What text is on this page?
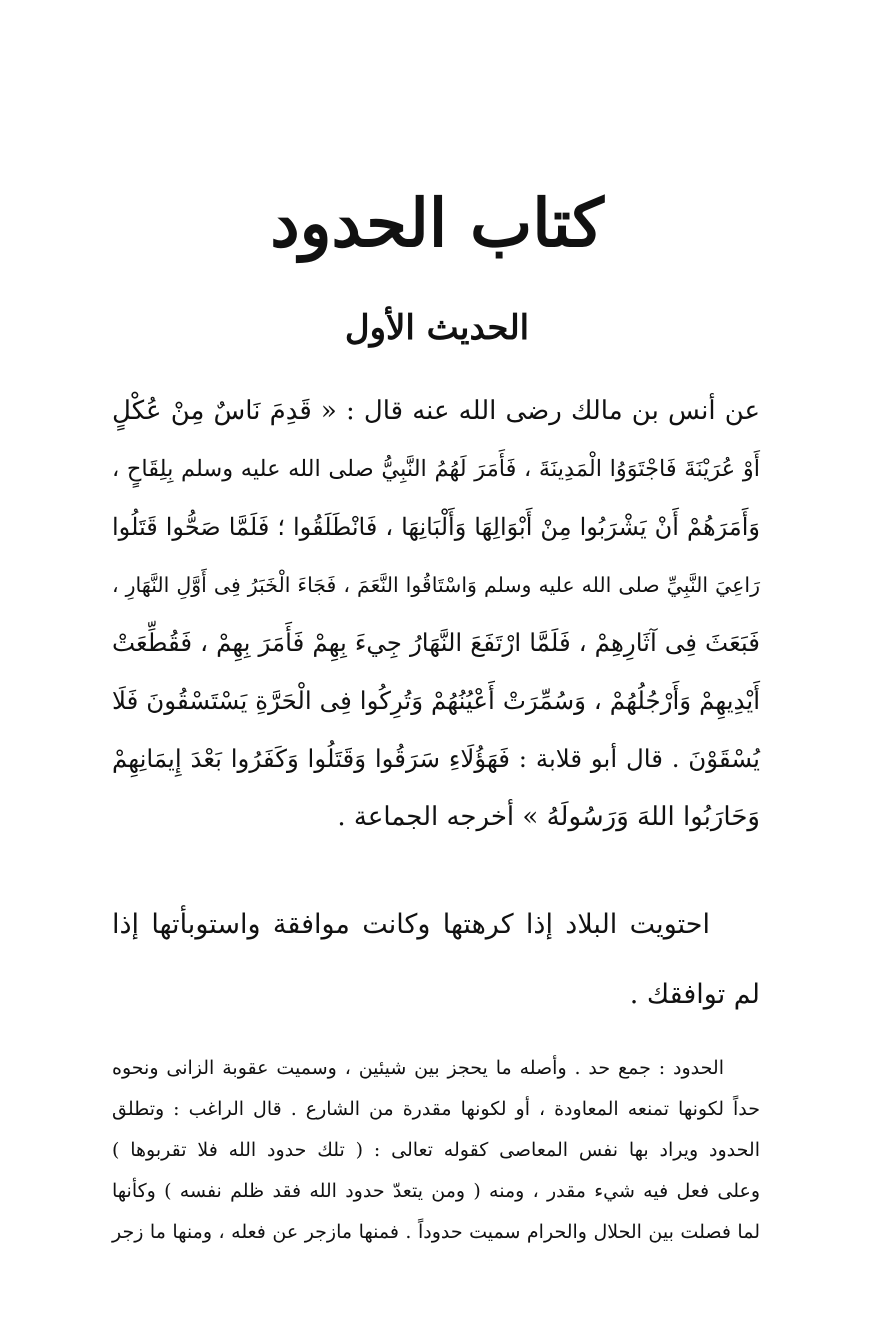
كتاب الحدود
الحديث الأول
عن أنس بن مالك رضى الله عنه قال : « قَدِمَ نَاسٌ مِنْ عُكْلٍ
أَوْ عُرَيْنَةَ فَاجْتَوَوُا الْمَدِينَةَ ، فَأَمَرَ لَهُمُ النَّبِيُّ صلى الله عليه وسلم بِلِقَاحٍ ،
وَأَمَرَهُمْ أَنْ يَشْرَبُوا مِنْ أَبْوَالِهَا وَأَلْبَانِهَا ، فَانْطَلَقُوا ؛ فَلَمَّا صَحُّوا قَتَلُوا
رَاعِيَ النَّبِيِّ صلى الله عليه وسلم وَاسْتَاقُوا النَّعَمَ ، فَجَاءَ الْخَبَرُ فِى أَوَّلِ النَّهَارِ ،
فَبَعَثَ فِى آثَارِهِمْ ، فَلَمَّا ارْتَفَعَ النَّهَارُ جِيءَ بِهِمْ فَأَمَرَ بِهِمْ ، فَقُطِّعَتْ
أَيْدِيهِمْ وَأَرْجُلُهُمْ ، وَسُمِّرَتْ أَعْيُنُهُمْ وَتُرِكُوا فِى الْحَرَّةِ يَسْتَسْقُونَ فَلَا
يُسْقَوْنَ . قال أبو قلابة : فَهَؤُلَاءِ سَرَقُوا وَقَتَلُوا وَكَفَرُوا بَعْدَ إِيمَانِهِمْ
وَحَارَبُوا اللهَ وَرَسُولَهُ » أخرجه الجماعة .
احتويت البلاد إذا كرهتها وكانت موافقة واستوبأتها إذا
لم توافقك .
الحدود : جمع حد . وأصله ما يحجز بين شيئين ، وسميت عقوبة الزانى ونحوه
حداً لكونها تمنعه المعاودة ، أو لكونها مقدرة من الشارع . قال الراغب : وتطلق
الحدود ويراد بها نفس المعاصى كقوله تعالى : ( تلك حدود الله فلا تقربوها )
وعلى فعل فيه شيء مقدر ، ومنه ( ومن يتعدّ حدود الله فقد ظلم نفسه ) وكأنها
لما فصلت بين الحلال والحرام سميت حدوداً . فمنها مازجر عن فعله ، ومنها ما زجر
